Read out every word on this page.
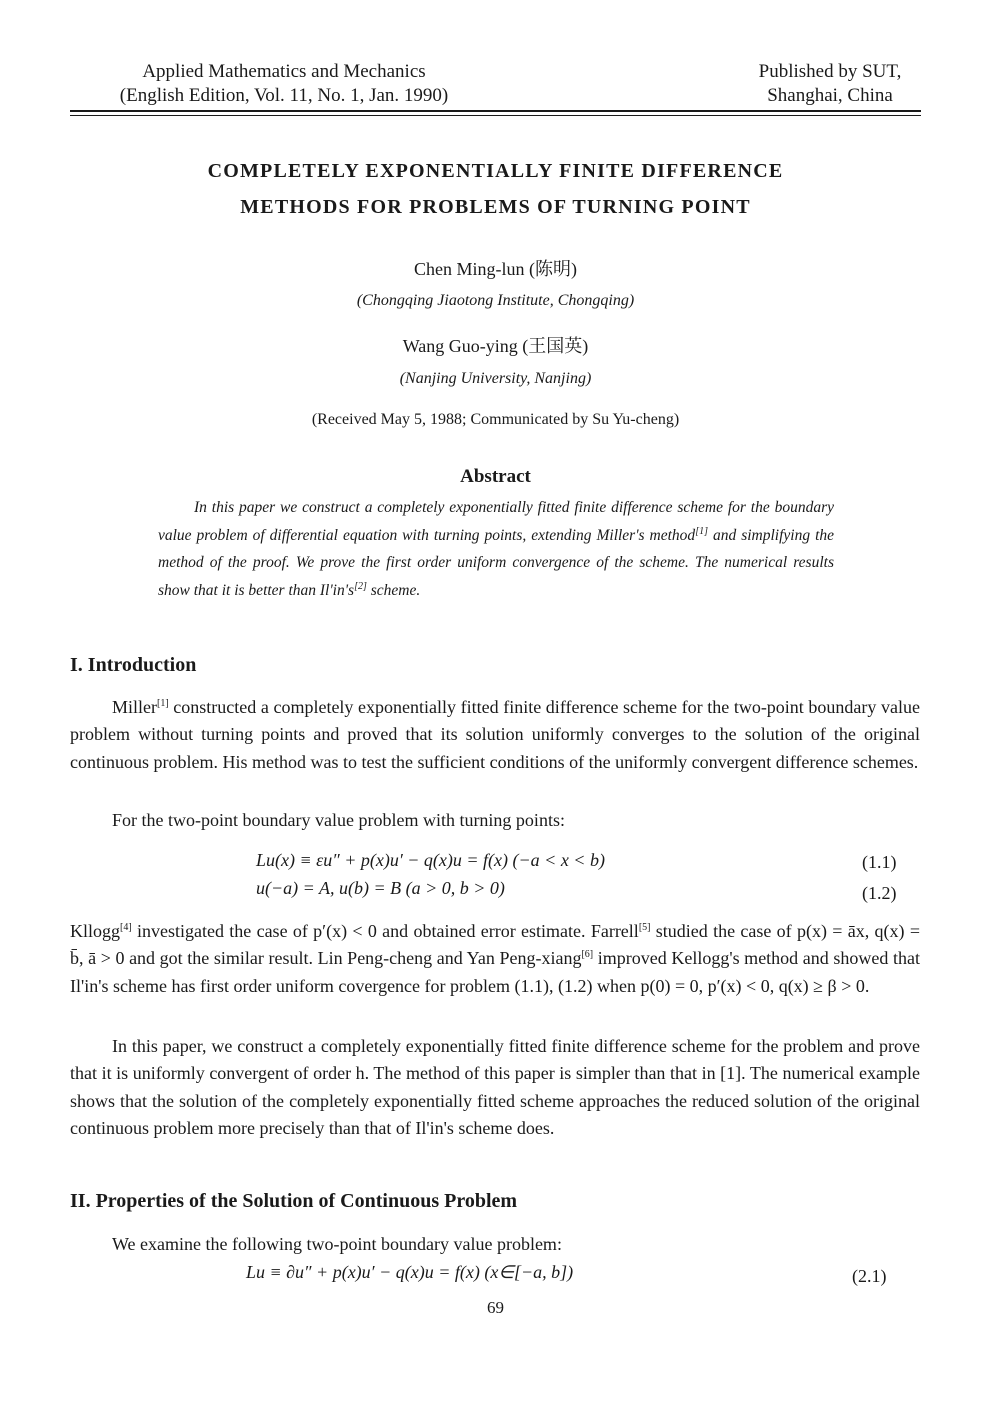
Applied Mathematics and Mechanics
(English Edition, Vol. 11, No. 1, Jan. 1990)
Published by SUT,
Shanghai, China
COMPLETELY EXPONENTIALLY FINITE DIFFERENCE
METHODS FOR PROBLEMS OF TURNING POINT
Chen Ming-lun (陈明)
(Chongqing Jiaotong Institute, Chongqing)
Wang Guo-ying (王国英)
(Nanjing University, Nanjing)
(Received May 5, 1988; Communicated by Su Yu-cheng)
Abstract
In this paper we construct a completely exponentially fitted finite difference scheme for the boundary value problem of differential equation with turning points, extending Miller's method[1] and simplifying the method of the proof. We prove the first order uniform convergence of the scheme. The numerical results show that it is better than Il'in's[2] scheme.
I. Introduction
Miller[1] constructed a completely exponentially fitted finite difference scheme for the two-point boundary value problem without turning points and proved that its solution uniformly converges to the solution of the original continuous problem. His method was to test the sufficient conditions of the uniformly convergent difference schemes.
For the two-point boundary value problem with turning points:
Lu(x) ≡ εu″ + p(x)u′ − q(x)u = f(x) (−a < x < b)	(1.1)
u(−a) = A, u(b) = B (a > 0, b > 0)	(1.2)
Kllogg[4] investigated the case of p′(x) < 0 and obtained error estimate. Farrell[5] studied the case of p(x) = āx, q(x) = b̄, ā > 0 and got the similar result. Lin Peng-cheng and Yan Peng-xiang[6] improved Kellogg's method and showed that Il'in's scheme has first order uniform covergence for problem (1.1), (1.2) when p(0) = 0, p′(x) < 0, q(x) ≥ β > 0.
In this paper, we construct a completely exponentially fitted finite difference scheme for the problem and prove that it is uniformly convergent of order h. The method of this paper is simpler than that in [1]. The numerical example shows that the solution of the completely exponentially fitted scheme approaches the reduced solution of the original continuous problem more precisely than that of Il'in's scheme does.
II. Properties of the Solution of Continuous Problem
We examine the following two-point boundary value problem:
Lu ≡ ∂u″ + p(x)u′ − q(x)u = f(x) (x∈[−a, b])	(2.1)
69
